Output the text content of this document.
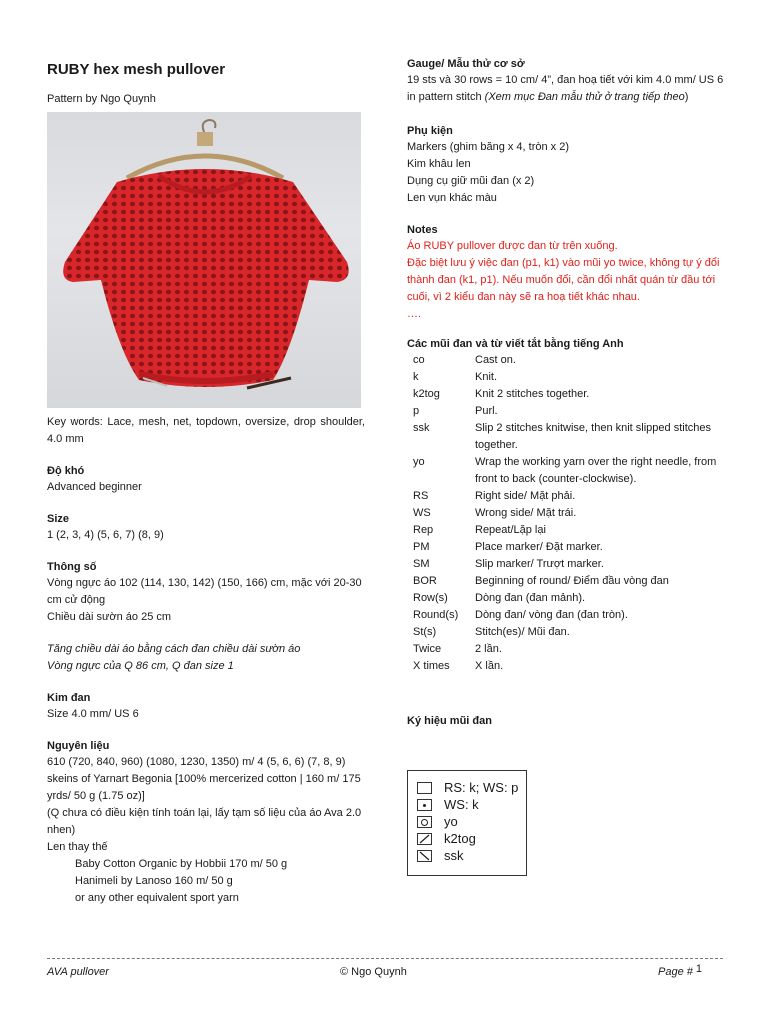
RUBY hex mesh pullover
Pattern by Ngo Quynh
Key words: Lace, mesh, net, topdown, oversize, drop shoulder, 4.0 mm
Độ khó
Advanced beginner
Size
1 (2, 3, 4) (5, 6, 7) (8, 9)
Thông số
Vòng ngực áo 102 (114, 130, 142) (150, 166) cm, mặc với 20-30 cm cử động
Chiều dài sườn áo 25 cm
Tăng chiều dài áo bằng cách đan chiều dài sườn áo
Vòng ngực của Q 86 cm, Q đan size 1
Kim đan
Size 4.0 mm/ US 6
Nguyên liệu
610 (720, 840, 960) (1080, 1230, 1350) m/ 4 (5, 6, 6) (7, 8, 9) skeins of Yarnart Begonia [100% mercerized cotton | 160 m/ 175 yrds/ 50 g (1.75 oz)]
(Q chưa có điều kiện tính toán lại, lấy tạm số liệu của áo Ava 2.0 nhen)
Len thay thế
Baby Cotton Organic by Hobbii 170 m/ 50 g
Hanimeli by Lanoso 160 m/ 50 g
or any other equivalent sport yarn
Gauge/ Mẫu thử cơ sở
19 sts và 30 rows = 10 cm/ 4”, đan hoạ tiết với kim 4.0 mm/ US 6 in pattern stitch (Xem mục Đan mẫu thử ở trang tiếp theo)
Phụ kiện
Markers (ghim băng x 4, tròn x 2)
Kim khâu len
Dụng cụ giữ mũi đan (x 2)
Len vụn khác màu
Notes
Áo RUBY pullover được đan từ trên xuống.
Đặc biệt lưu ý việc đan (p1, k1) vào mũi yo twice, không tự ý đổi thành đan (k1, p1). Nếu muốn đổi, cần đổi nhất quán từ đầu tới cuối, vì 2 kiểu đan này sẽ ra hoạ tiết khác nhau.
….
Các mũi đan và từ viết tắt bằng tiếng Anh
co	Cast on.
k	Knit.
k2tog	Knit 2 stitches together.
p	Purl.
ssk	Slip 2 stitches knitwise, then knit slipped stitches together.
yo	Wrap the working yarn over the right needle, from front to back (counter-clockwise).
RS	Right side/ Mặt phải.
WS	Wrong side/ Mặt trái.
Rep	Repeat/Lặp lại
PM	Place marker/ Đặt marker.
SM	Slip marker/ Trượt marker.
BOR	Beginning of round/ Điểm đầu vòng đan
Row(s)	Dòng đan (đan mảnh).
Round(s)	Dòng đan/ vòng đan (đan tròn).
St(s)	Stitch(es)/ Mũi đan.
Twice	2 lần.
X times	X lần.
Ký hiệu mũi đan
RS: k; WS: p
WS: k
yo
k2tog
ssk
AVA pullover	© Ngo Quynh	Page # 1
